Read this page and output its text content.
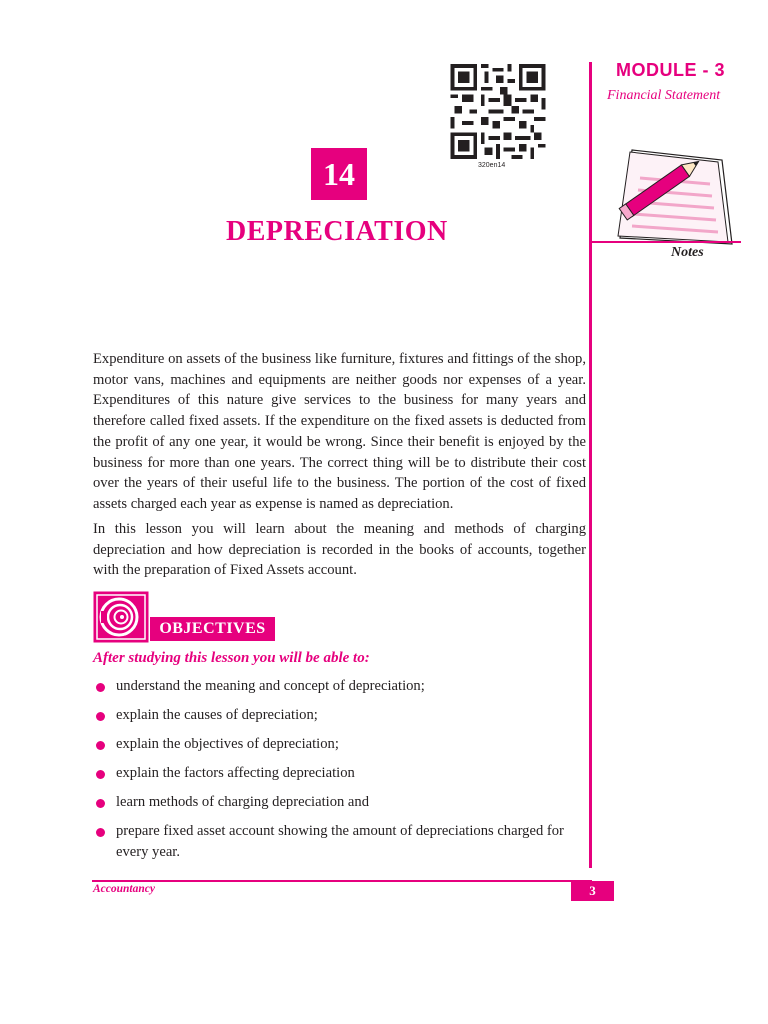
MODULE - 3
Financial Statement
Notes
320en14
14
DEPRECIATION

Expenditure on assets of the business like furniture, fixtures and fittings of the shop, motor vans, machines and equipments are neither goods nor expenses of a year. Expenditures of this nature give services to the business for many years and therefore called fixed assets. If the expenditure on the fixed assets is deducted from the profit of any one year, it would be wrong. Since their benefit is enjoyed by the business for more than one years. The correct thing will be to distribute their cost over the years of their useful life to the business. The portion of the cost of fixed assets charged each year as expense is named as depreciation.

In this lesson you will learn about the meaning and methods of charging depreciation and how depreciation is recorded in the books of accounts, together with the preparation of Fixed Assets account.

OBJECTIVES
After studying this lesson you will be able to:
understand the meaning and concept of depreciation;
explain the causes of depreciation;
explain the objectives of depreciation;
explain the factors affecting depreciation
learn methods of charging depreciation and
prepare fixed asset account showing the amount of depreciations charged for every year.
Accountancy	3
